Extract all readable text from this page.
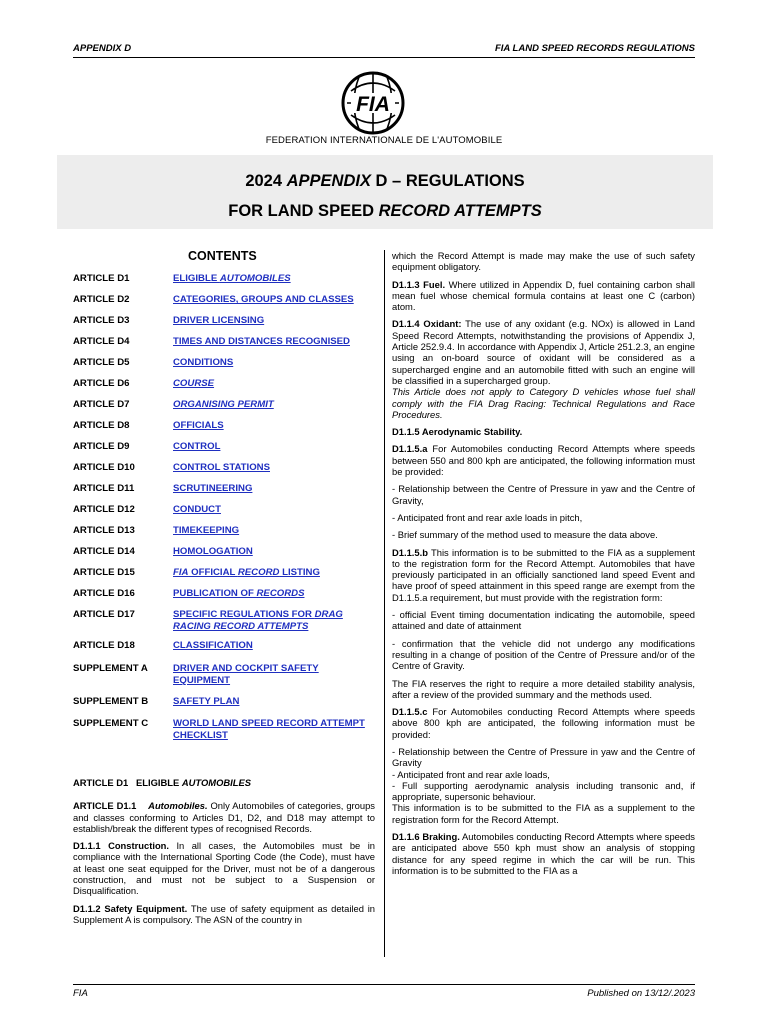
APPENDIX D	FIA LAND SPEED RECORDS REGULATIONS
FIA
FEDERATION INTERNATIONALE DE L'AUTOMOBILE
2024 APPENDIX D – REGULATIONS
FOR LAND SPEED RECORD ATTEMPTS
CONTENTS
ARTICLE D1	ELIGIBLE AUTOMOBILES
ARTICLE D2	CATEGORIES, GROUPS AND CLASSES
ARTICLE D3	DRIVER LICENSING
ARTICLE D4	TIMES AND DISTANCES RECOGNISED
ARTICLE D5	CONDITIONS
ARTICLE D6	COURSE
ARTICLE D7	ORGANISING PERMIT
ARTICLE D8	OFFICIALS
ARTICLE D9	CONTROL
ARTICLE D10	CONTROL STATIONS
ARTICLE D11	SCRUTINEERING
ARTICLE D12	CONDUCT
ARTICLE D13	TIMEKEEPING
ARTICLE D14	HOMOLOGATION
ARTICLE D15	FIA OFFICIAL RECORD LISTING
ARTICLE D16	PUBLICATION OF RECORDS
ARTICLE D17	SPECIFIC REGULATIONS FOR DRAG RACING RECORD ATTEMPTS
ARTICLE D18	CLASSIFICATION
SUPPLEMENT A	DRIVER AND COCKPIT SAFETY EQUIPMENT
SUPPLEMENT B	SAFETY PLAN
SUPPLEMENT C	WORLD LAND SPEED RECORD ATTEMPT CHECKLIST

ARTICLE D1   ELIGIBLE AUTOMOBILES

ARTICLE D1.1 Automobiles. Only Automobiles of categories, groups and classes conforming to Articles D1, D2, and D18 may attempt to establish/break the different types of recognised Records.

D1.1.1 Construction. In all cases, the Automobiles must be in compliance with the International Sporting Code (the Code), must have at least one seat equipped for the Driver, must not be of a dangerous construction, and must not be subject to a Suspension or Disqualification.

D1.1.2 Safety Equipment. The use of safety equipment as detailed in Supplement A is compulsory. The ASN of the country in

which the Record Attempt is made may make the use of such safety equipment obligatory.

D1.1.3 Fuel. Where utilized in Appendix D, fuel containing carbon shall mean fuel whose chemical formula contains at least one C (carbon) atom.

D1.1.4 Oxidant: The use of any oxidant (e.g. NOx) is allowed in Land Speed Record Attempts, notwithstanding the provisions of Appendix J, Article 252.9.4. In accordance with Appendix J, Article 251.2.3, an engine using an on-board source of oxidant will be considered as a supercharged engine and an automobile fitted with such an engine will be classified in a supercharged group.

This Article does not apply to Category D vehicles whose fuel shall comply with the FIA Drag Racing: Technical Regulations and Race Procedures.

D1.1.5 Aerodynamic Stability.

D1.1.5.a For Automobiles conducting Record Attempts where speeds between 550 and 800 kph are anticipated, the following information must be provided:

- Relationship between the Centre of Pressure in yaw and the Centre of Gravity,

- Anticipated front and rear axle loads in pitch,

- Brief summary of the method used to measure the data above.

D1.1.5.b This information is to be submitted to the FIA as a supplement to the registration form for the Record Attempt. Automobiles that have previously participated in an officially sanctioned land speed Event and have proof of speed attainment in this speed range are exempt from the D1.1.5.a requirement, but must provide with the registration form:

- official Event timing documentation indicating the automobile, speed attained and date of attainment

- confirmation that the vehicle did not undergo any modifications resulting in a change of position of the Centre of Pressure and/or of the Centre of Gravity.

The FIA reserves the right to require a more detailed stability analysis, after a review of the provided summary and the methods used.

D1.1.5.c For Automobiles conducting Record Attempts where speeds above 800 kph are anticipated, the following information must be provided:

- Relationship between the Centre of Pressure in yaw and the Centre of Gravity

- Anticipated front and rear axle loads,

- Full supporting aerodynamic analysis including transonic and, if appropriate, supersonic behaviour.

This information is to be submitted to the FIA as a supplement to the registration form for the Record Attempt.

D1.1.6 Braking. Automobiles conducting Record Attempts where speeds are anticipated above 550 kph must show an analysis of stopping distance for any speed regime in which the car will be run. This information is to be submitted to the FIA as a

FIA	Published on 13/12/.2023
